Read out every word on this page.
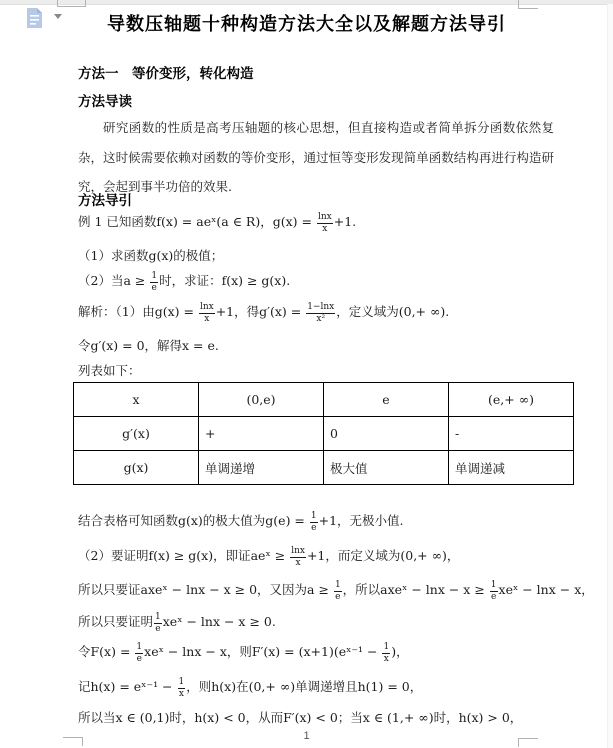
导数压轴题十种构造方法大全以及解题方法导引
方法一　等价变形，转化构造
方法导读

研究函数的性质是高考压轴题的核心思想，但直接构造或者简单拆分函数依然复杂，这时候需要依赖对函数的等价变形，通过恒等变形发现简单函数结构再进行构造研究，会起到事半功倍的效果.

方法导引

例 1 已知函数f(x) = aeˣ(a ∈ R)，$g(x) = \frac{\ln x}{x} +1$.

（1）求函数g(x)的极值；

（2）当$a \ge \frac{1}{e}$ 时，求证：f(x) ≥ g(x).

解析：（1）由$g(x) = \frac{\ln x}{x} +1$，得$g'(x) = \frac{1-\ln x}{\text{x²}}$ ，定义域为(0,+ ∞).

令g′(x) = 0，解得x = e.

列表如下：

x	(0,e)	e	(e,+ ∞)
g′(x)	+	0	-
g(x)	单调递增	极大值	单调递减

结合表格可知函数g(x)的极大值为$g(e) = \frac{1}{e} +1$，无极小值.

（2）要证明f(x) ≥ g(x)，即证aeˣ ≥ $\frac{\ln x}{x} +1$，而定义域为(0,+ ∞)，

所以只要证axeˣ − lnx − x ≥ 0，又因为$a \ge \frac{1}{e}$ ，所以axeˣ − $\ln x - x \ge \frac{1}{e}$ xeˣ − lnx − x，

所以只要证明 $\frac{1}{e}$ xeˣ − lnx − x ≥ 0.

令$F(x) = \frac{1}{e}$ xeˣ − lnx − x，则F′(x) = (x+1)(eˣ⁻¹ − $\frac{1}{x}$ )，

记h(x) = eˣ⁻¹ − $\frac{1}{x}$ ，则h(x)在(0,+ ∞)单调递增且h(1) = 0，

所以当x ∈ (0,1)时，h(x) < 0，从而F′(x) < 0；当x ∈ (1,+ ∞)时，h(x) > 0，

1
